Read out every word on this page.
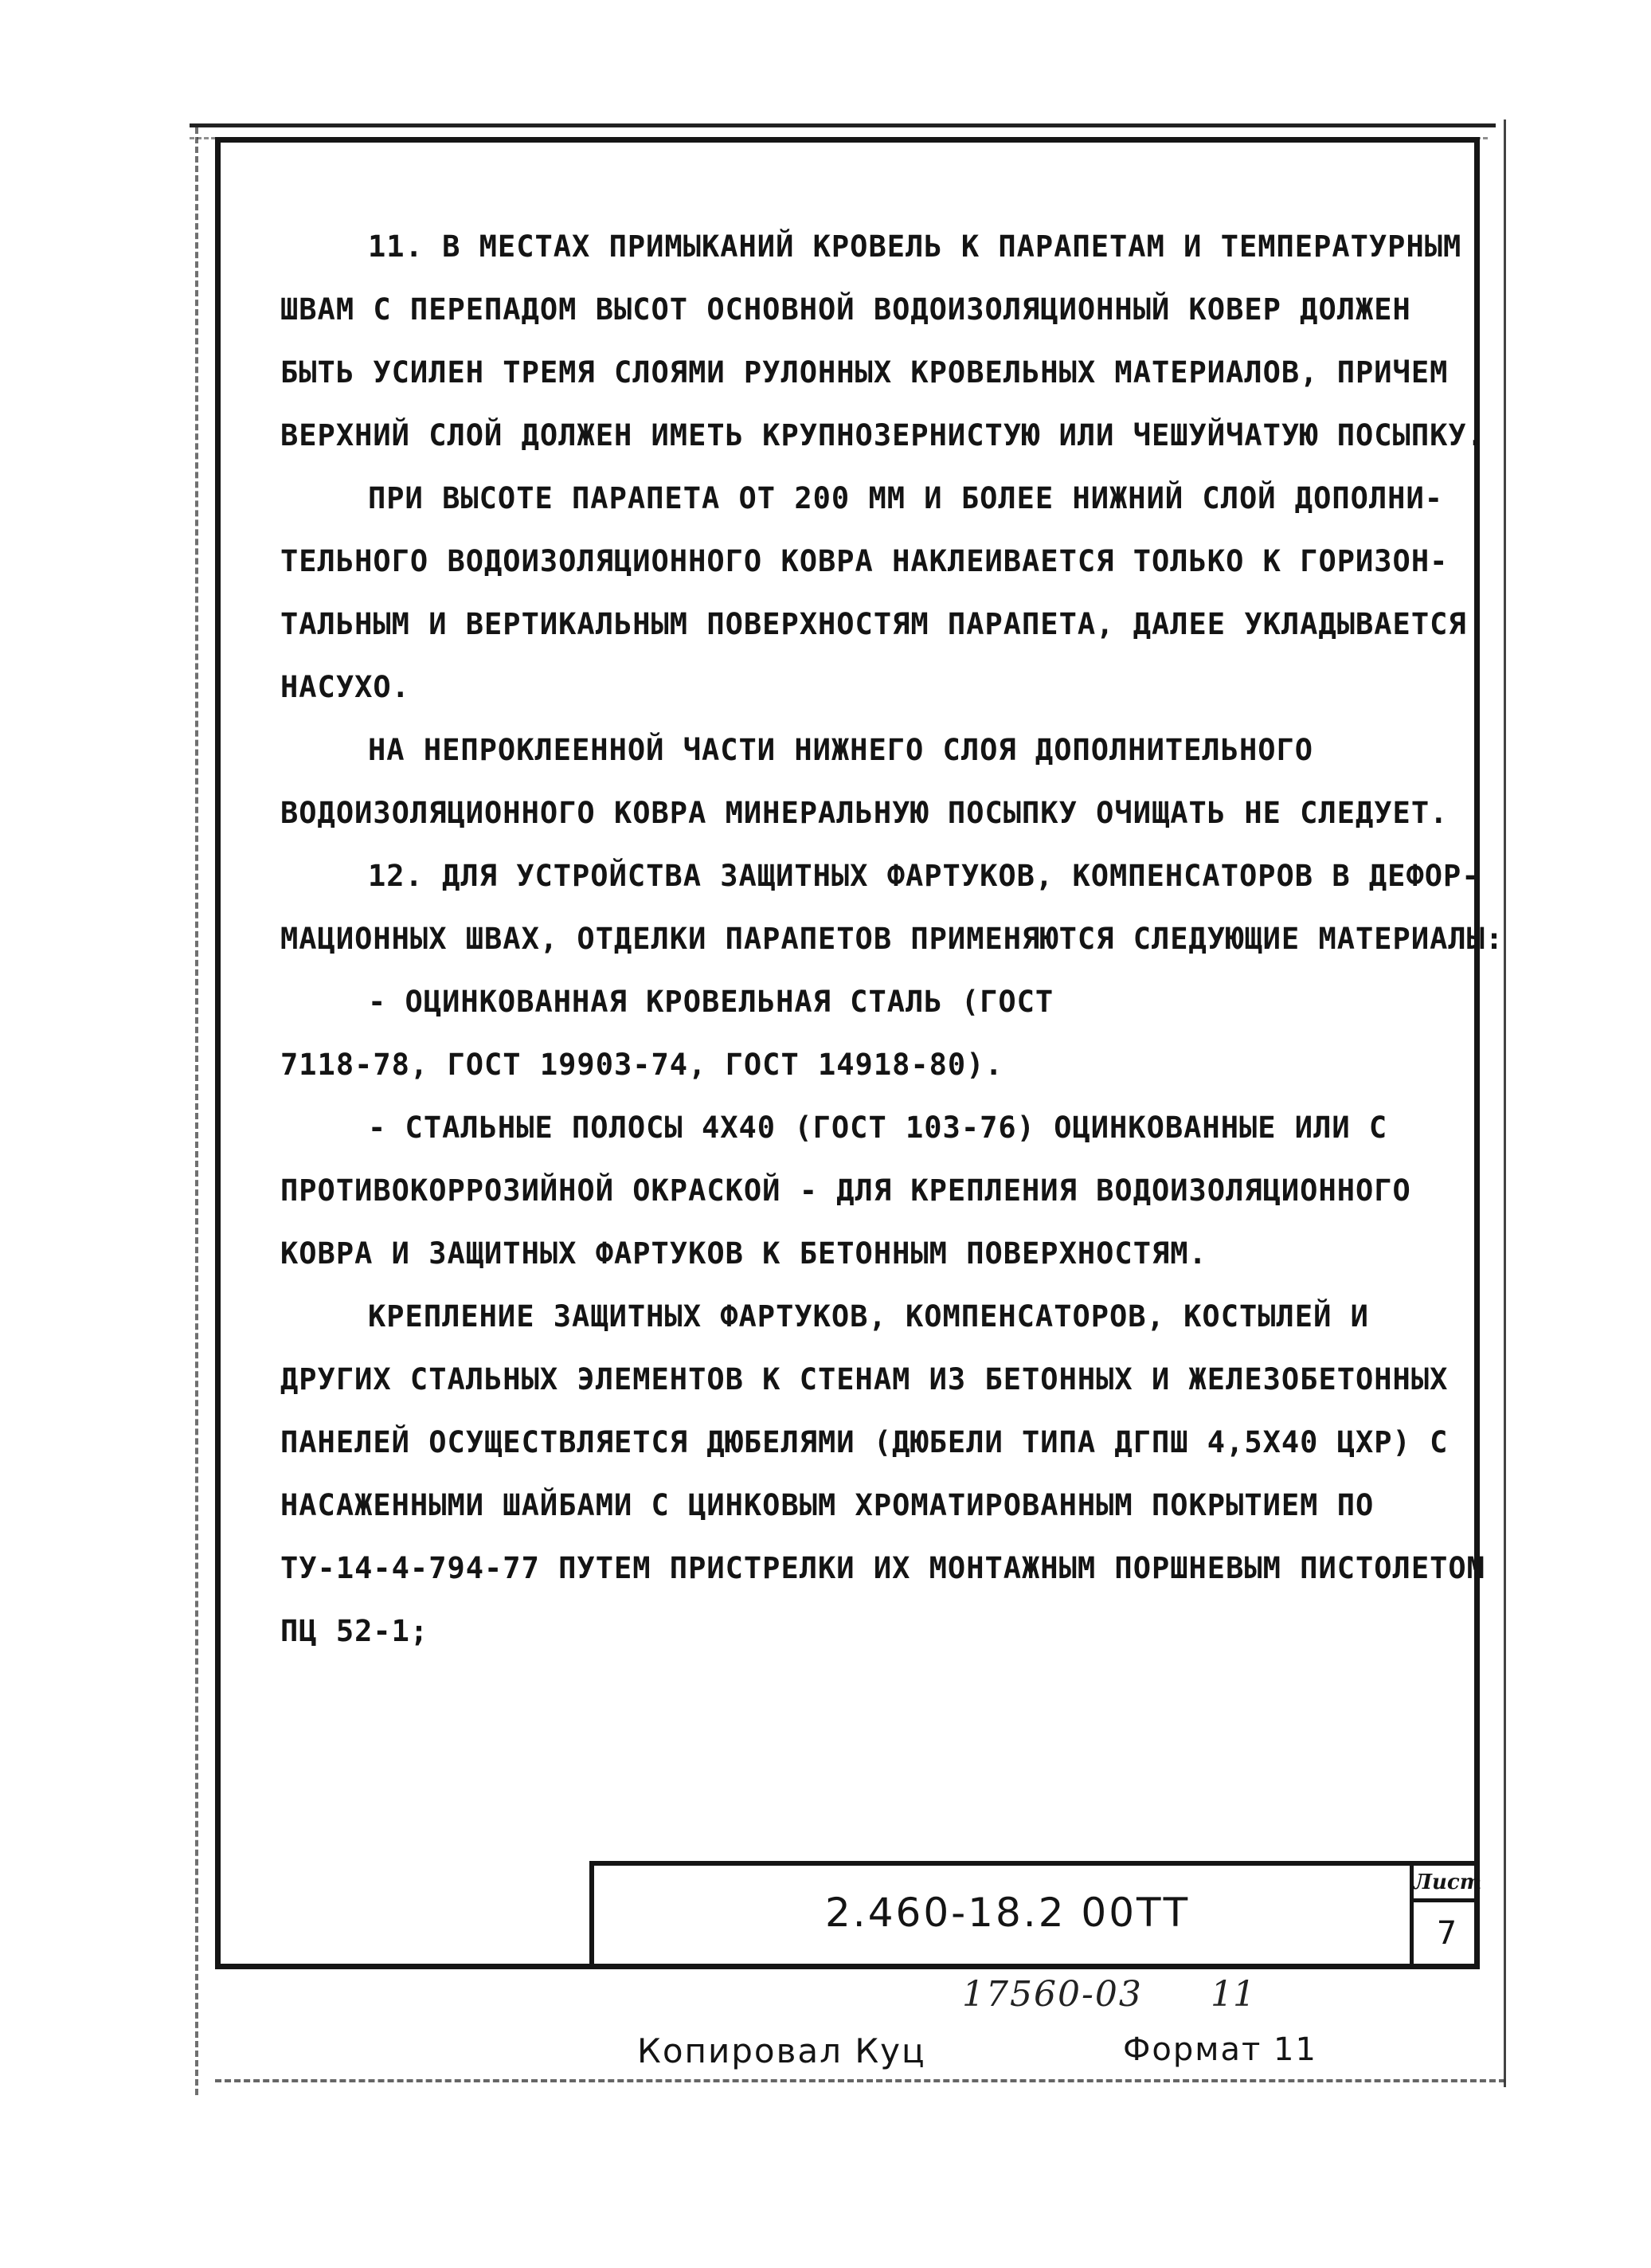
11. В МЕСТАХ ПРИМЫКАНИЙ КРОВЕЛЬ К ПАРАПЕТАМ И ТЕМПЕРАТУРНЫМ
ШВАМ С ПЕРЕПАДОМ ВЫСОТ ОСНОВНОЙ ВОДОИЗОЛЯЦИОННЫЙ КОВЕР ДОЛЖЕН
БЫТЬ УСИЛЕН ТРЕМЯ СЛОЯМИ РУЛОННЫХ КРОВЕЛЬНЫХ МАТЕРИАЛОВ, ПРИЧЕМ
ВЕРХНИЙ СЛОЙ ДОЛЖЕН ИМЕТЬ КРУПНОЗЕРНИСТУЮ ИЛИ ЧЕШУЙЧАТУЮ ПОСЫПКУ.

ПРИ ВЫСОТЕ ПАРАПЕТА ОТ 200 ММ И БОЛЕЕ НИЖНИЙ СЛОЙ ДОПОЛНИ-
ТЕЛЬНОГО ВОДОИЗОЛЯЦИОННОГО КОВРА НАКЛЕИВАЕТСЯ ТОЛЬКО К ГОРИЗОН-
ТАЛЬНЫМ И ВЕРТИКАЛЬНЫМ ПОВЕРХНОСТЯМ ПАРАПЕТА, ДАЛЕЕ УКЛАДЫВАЕТСЯ
НАСУХО.

НА НЕПРОКЛЕЕННОЙ ЧАСТИ НИЖНЕГО СЛОЯ ДОПОЛНИТЕЛЬНОГО
ВОДОИЗОЛЯЦИОННОГО КОВРА МИНЕРАЛЬНУЮ ПОСЫПКУ ОЧИЩАТЬ НЕ СЛЕДУЕТ.

12. ДЛЯ УСТРОЙСТВА ЗАЩИТНЫХ ФАРТУКОВ, КОМПЕНСАТОРОВ В ДЕФОР-
МАЦИОННЫХ ШВАХ, ОТДЕЛКИ ПАРАПЕТОВ ПРИМЕНЯЮТСЯ СЛЕДУЮЩИЕ МАТЕРИАЛЫ:

- ОЦИНКОВАННАЯ КРОВЕЛЬНАЯ СТАЛЬ (ГОСТ
7118-78, ГОСТ 19903-74, ГОСТ 14918-80).

- СТАЛЬНЫЕ ПОЛОСЫ 4Х40 (ГОСТ 103-76) ОЦИНКОВАННЫЕ ИЛИ С
ПРОТИВОКОРРОЗИЙНОЙ ОКРАСКОЙ - ДЛЯ КРЕПЛЕНИЯ ВОДОИЗОЛЯЦИОННОГО
КОВРА И ЗАЩИТНЫХ ФАРТУКОВ К БЕТОННЫМ ПОВЕРХНОСТЯМ.

КРЕПЛЕНИЕ ЗАЩИТНЫХ ФАРТУКОВ, КОМПЕНСАТОРОВ, КОСТЫЛЕЙ И
ДРУГИХ СТАЛЬНЫХ ЭЛЕМЕНТОВ К СТЕНАМ ИЗ БЕТОННЫХ И ЖЕЛЕЗОБЕТОННЫХ
ПАНЕЛЕЙ ОСУЩЕСТВЛЯЕТСЯ ДЮБЕЛЯМИ (ДЮБЕЛИ ТИПА ДГПШ 4,5Х40 ЦХР) С
НАСАЖЕННЫМИ ШАЙБАМИ С ЦИНКОВЫМ ХРОМАТИРОВАННЫМ ПОКРЫТИЕМ ПО
ТУ-14-4-794-77 ПУТЕМ ПРИСТРЕЛКИ ИХ МОНТАЖНЫМ ПОРШНЕВЫМ ПИСТОЛЕТОМ
ПЦ 52-1;

2.460-18.2 00ТТ
Лист
7
17560-03 11
Копировал Куц	Формат 11
